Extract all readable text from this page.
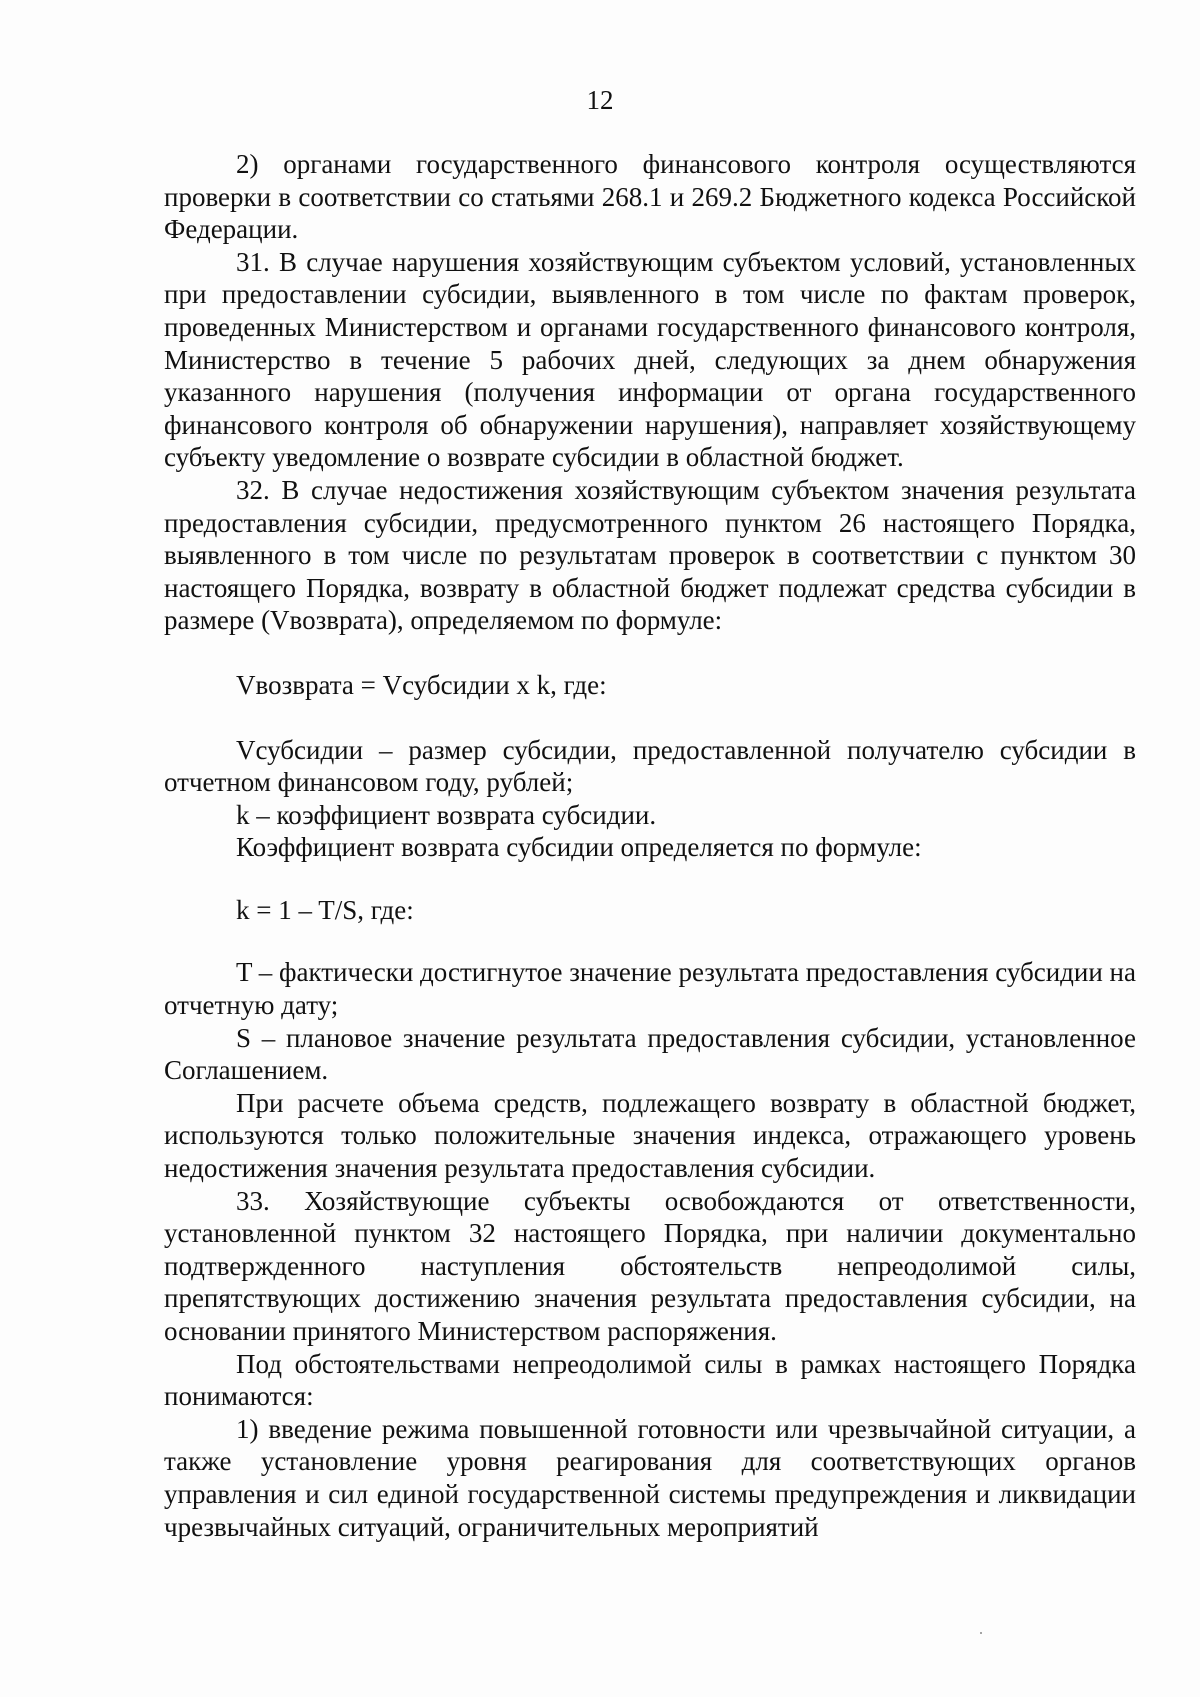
12

2) органами государственного финансового контроля осуществляются проверки в соответствии со статьями 268.1 и 269.2 Бюджетного кодекса Российской Федерации.

31. В случае нарушения хозяйствующим субъектом условий, установленных при предоставлении субсидии, выявленного в том числе по фактам проверок, проведенных Министерством и органами государственного финансового контроля, Министерство в течение 5 рабочих дней, следующих за днем обнаружения указанного нарушения (получения информации от органа государственного финансового контроля об обнаружении нарушения), направляет хозяйствующему субъекту уведомление о возврате субсидии в областной бюджет.

32. В случае недостижения хозяйствующим субъектом значения результата предоставления субсидии, предусмотренного пунктом 26 настоящего Порядка, выявленного в том числе по результатам проверок в соответствии с пунктом 30 настоящего Порядка, возврату в областной бюджет подлежат средства субсидии в размере (Vвозврата), определяемом по формуле:

Vвозврата = Vсубсидии x k, где:

Vсубсидии – размер субсидии, предоставленной получателю субсидии в отчетном финансовом году, рублей;

k – коэффициент возврата субсидии.

Коэффициент возврата субсидии определяется по формуле:

k = 1 – T/S, где:

T – фактически достигнутое значение результата предоставления субсидии на отчетную дату;

S – плановое значение результата предоставления субсидии, установленное Соглашением.

При расчете объема средств, подлежащего возврату в областной бюджет, используются только положительные значения индекса, отражающего уровень недостижения значения результата предоставления субсидии.

33. Хозяйствующие субъекты освобождаются от ответственности, установленной пунктом 32 настоящего Порядка, при наличии документально подтвержденного наступления обстоятельств непреодолимой силы, препятствующих достижению значения результата предоставления субсидии, на основании принятого Министерством распоряжения.

Под обстоятельствами непреодолимой силы в рамках настоящего Порядка понимаются:

1) введение режима повышенной готовности или чрезвычайной ситуации, а также установление уровня реагирования для соответствующих органов управления и сил единой государственной системы предупреждения и ликвидации чрезвычайных ситуаций, ограничительных мероприятий
